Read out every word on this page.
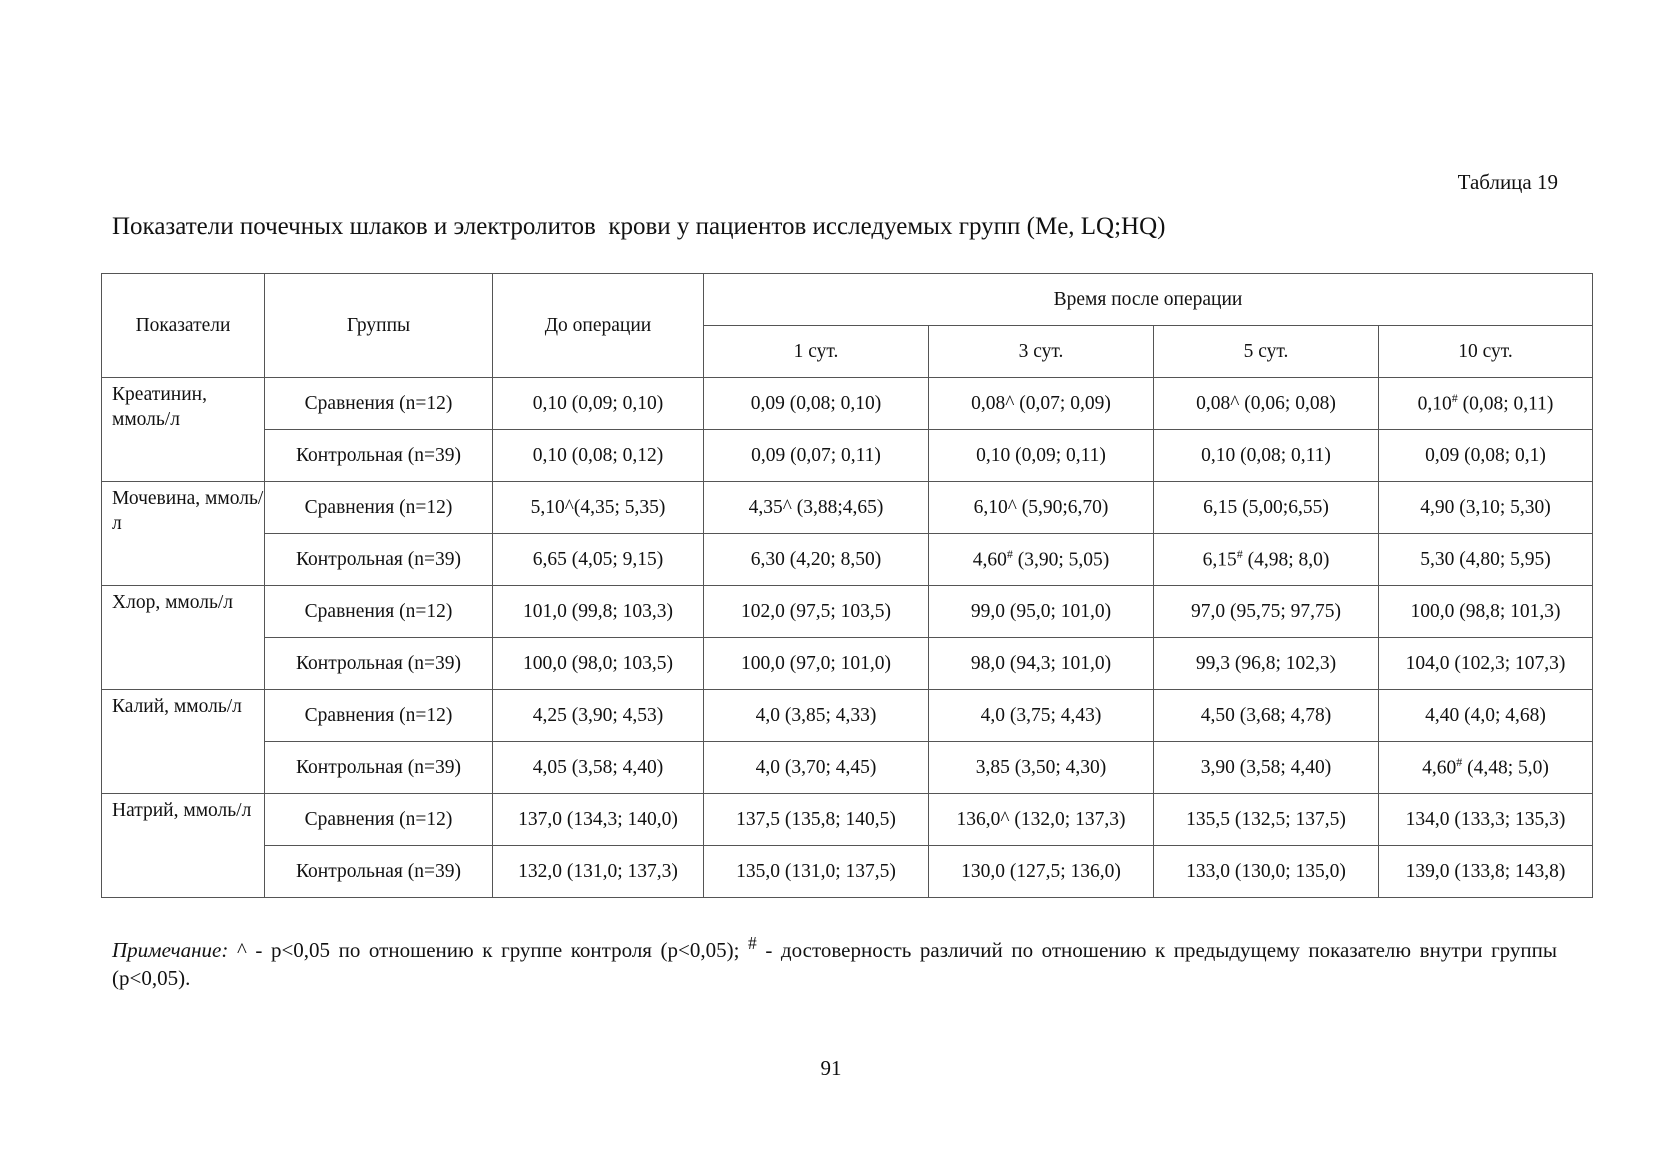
Таблица 19
Показатели почечных шлаков и электролитов  крови у пациентов исследуемых групп (Me, LQ;HQ)
Показатели	Группы	До операции	Время после операции			
			1 сут.	3 сут.	5 сут.	10 сут.
Креатинин, ммоль/л	Сравнения (n=12)	0,10 (0,09; 0,10)	0,09 (0,08; 0,10)	0,08^ (0,07; 0,09)	0,08^ (0,06; 0,08)	0,10# (0,08; 0,11)
	Контрольная (n=39)	0,10 (0,08; 0,12)	0,09 (0,07; 0,11)	0,10 (0,09; 0,11)	0,10 (0,08; 0,11)	0,09 (0,08; 0,1)
Мочевина, ммоль/л	Сравнения (n=12)	5,10^(4,35; 5,35)	4,35^ (3,88;4,65)	6,10^ (5,90;6,70)	6,15 (5,00;6,55)	4,90 (3,10; 5,30)
	Контрольная (n=39)	6,65 (4,05; 9,15)	6,30 (4,20; 8,50)	4,60# (3,90; 5,05)	6,15# (4,98; 8,0)	5,30 (4,80; 5,95)
Хлор, ммоль/л	Сравнения (n=12)	101,0 (99,8; 103,3)	102,0 (97,5; 103,5)	99,0 (95,0; 101,0)	97,0 (95,75; 97,75)	100,0 (98,8; 101,3)
	Контрольная (n=39)	100,0 (98,0; 103,5)	100,0 (97,0; 101,0)	98,0 (94,3; 101,0)	99,3 (96,8; 102,3)	104,0 (102,3; 107,3)
Калий, ммоль/л	Сравнения (n=12)	4,25 (3,90; 4,53)	4,0 (3,85; 4,33)	4,0 (3,75; 4,43)	4,50 (3,68; 4,78)	4,40 (4,0; 4,68)
	Контрольная (n=39)	4,05 (3,58; 4,40)	4,0 (3,70; 4,45)	3,85 (3,50; 4,30)	3,90 (3,58; 4,40)	4,60# (4,48; 5,0)
Натрий, ммоль/л	Сравнения (n=12)	137,0 (134,3; 140,0)	137,5 (135,8; 140,5)	136,0^ (132,0; 137,3)	135,5 (132,5; 137,5)	134,0 (133,3; 135,3)
	Контрольная (n=39)	132,0 (131,0; 137,3)	135,0 (131,0; 137,5)	130,0 (127,5; 136,0)	133,0 (130,0; 135,0)	139,0 (133,8; 143,8)
Примечание: ^ - p<0,05 по отношению к группе контроля (p<0,05); # - достоверность различий по отношению к предыдущему показателю внутри группы (p<0,05).
91
